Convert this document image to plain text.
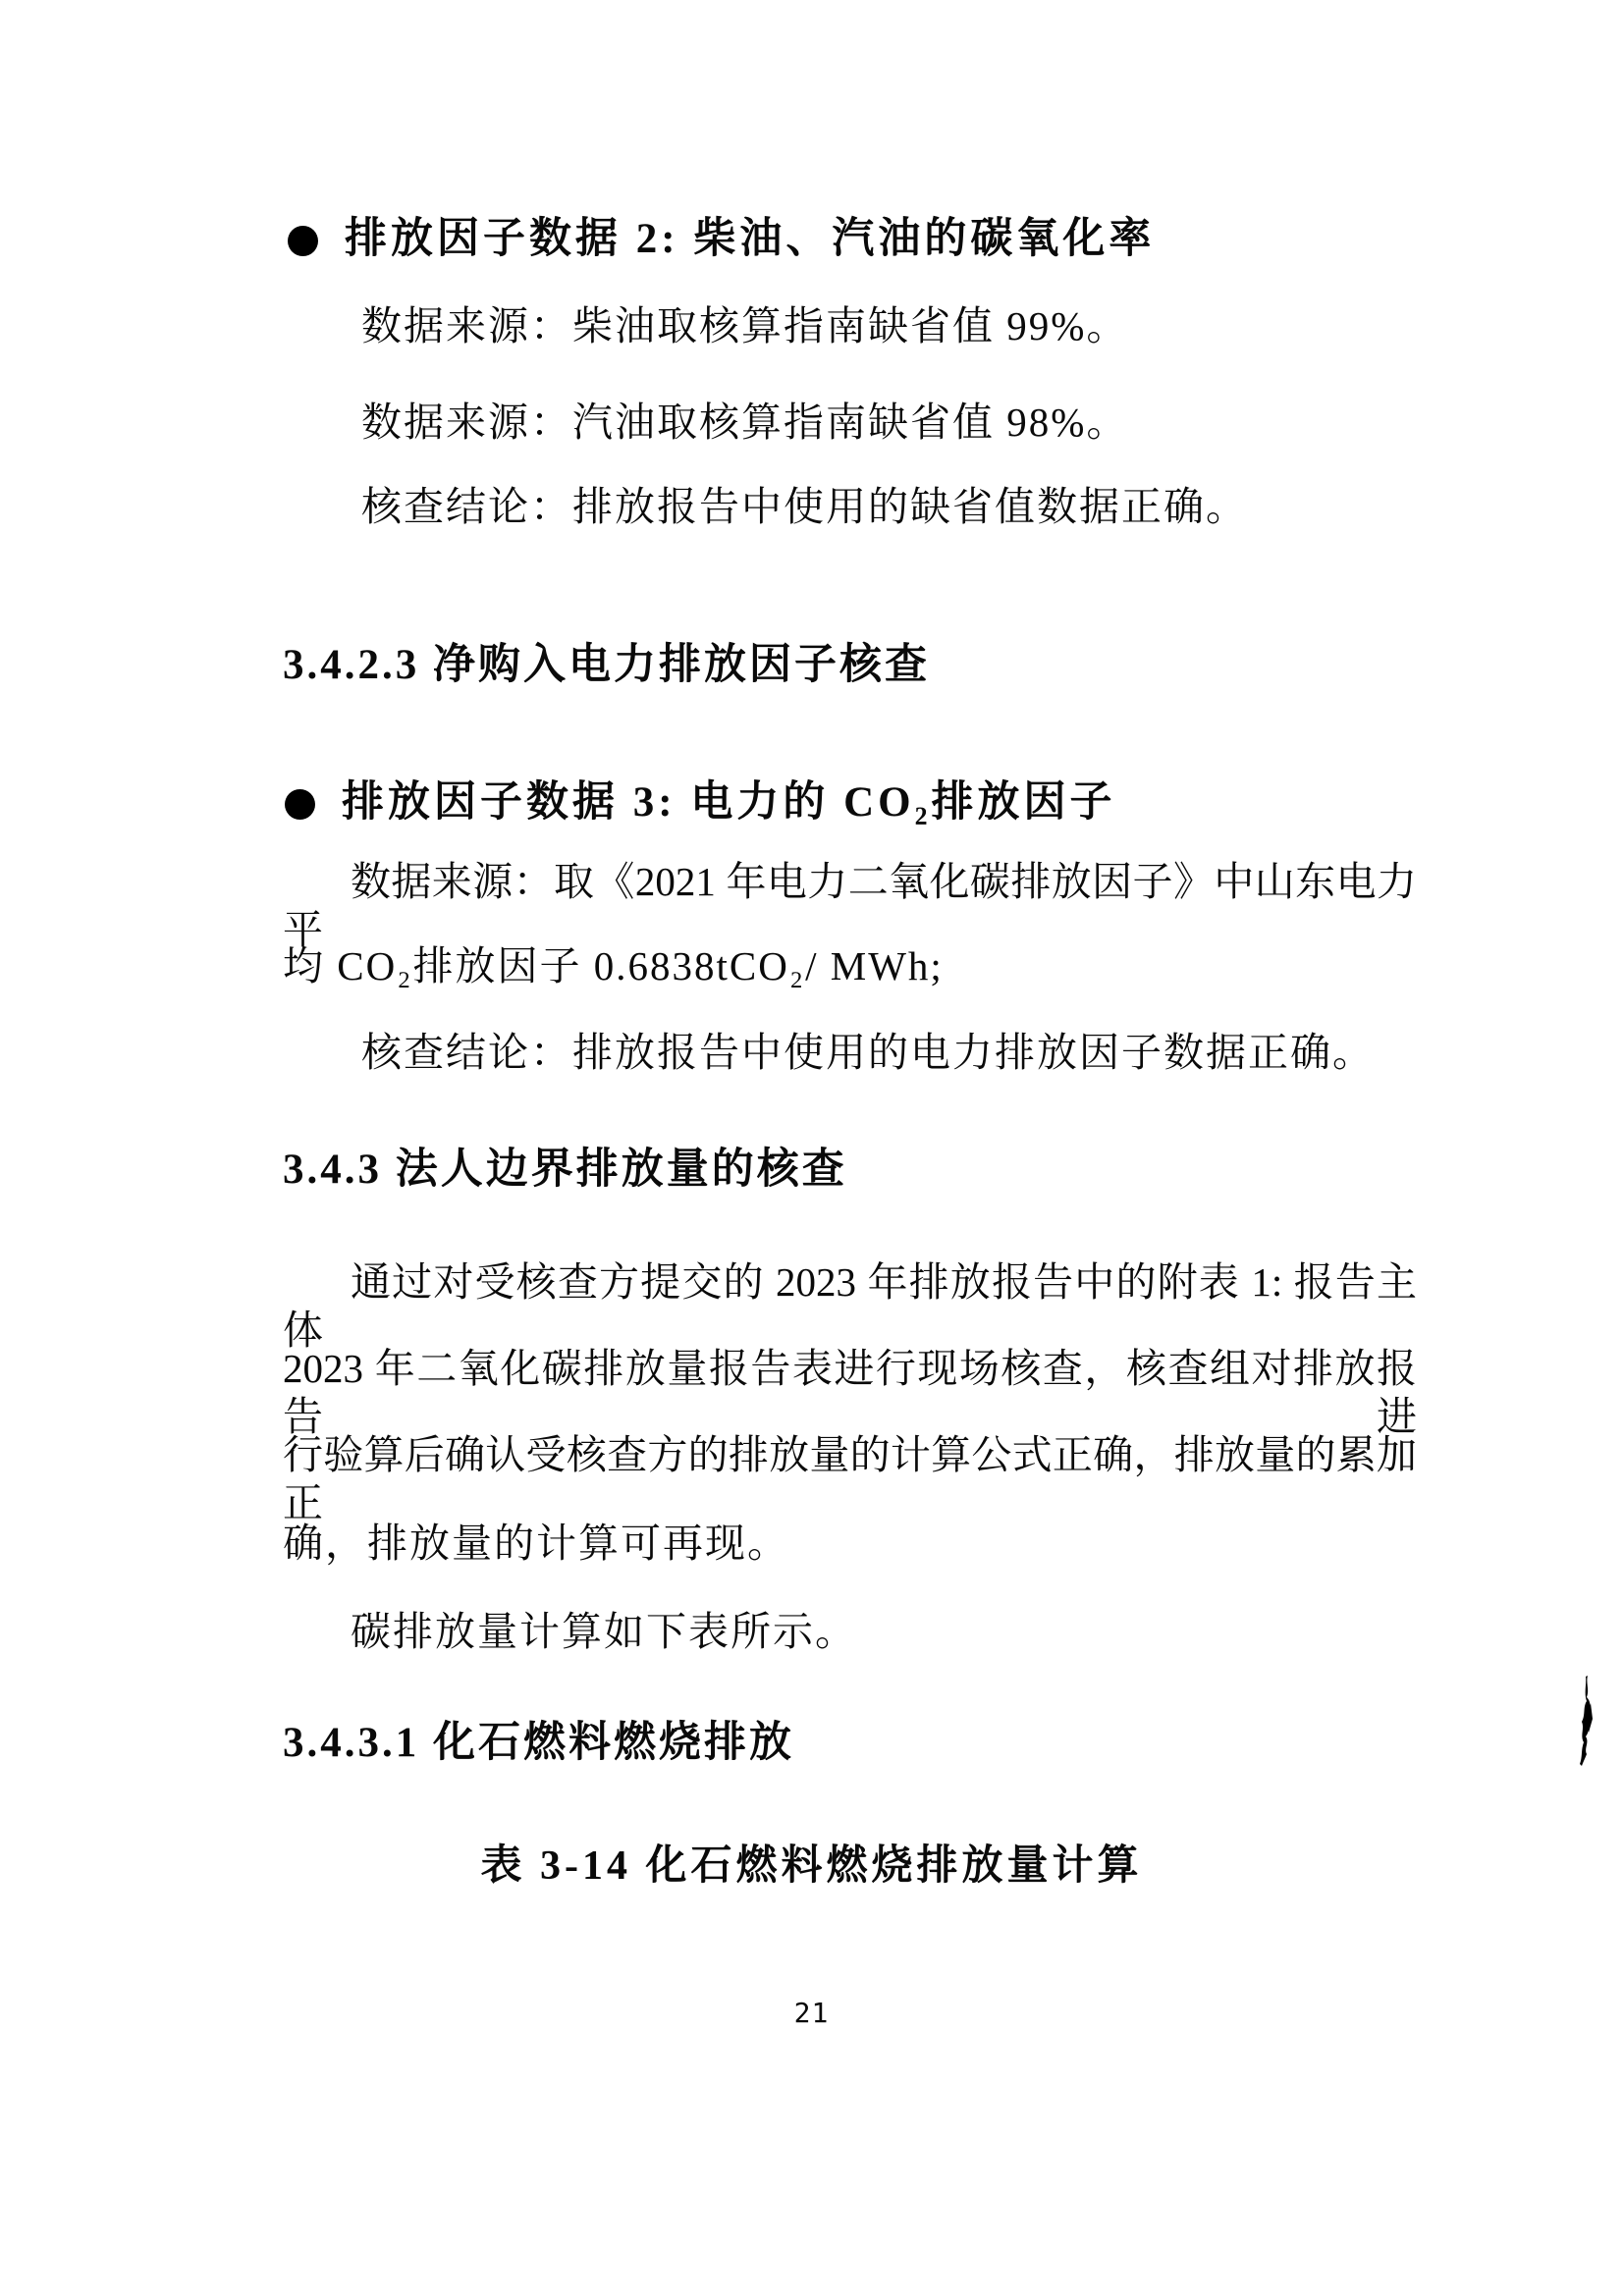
排放因子数据 2: 柴油、汽油的碳氧化率
数据来源：柴油取核算指南缺省值 99%。
数据来源：汽油取核算指南缺省值 98%。
核查结论：排放报告中使用的缺省值数据正确。
3.4.2.3 净购入电力排放因子核查
排放因子数据 3: 电力的 CO₂排放因子
数据来源：取《2021 年电力二氧化碳排放因子》中山东电力平
均 CO₂排放因子 0.6838tCO₂/ MWh;
核查结论：排放报告中使用的电力排放因子数据正确。
3.4.3 法人边界排放量的核查
通过对受核查方提交的 2023 年排放报告中的附表 1: 报告主体
2023 年二氧化碳排放量报告表进行现场核查，核查组对排放报告进
行验算后确认受核查方的排放量的计算公式正确，排放量的累加正
确，排放量的计算可再现。
碳排放量计算如下表所示。
3.4.3.1 化石燃料燃烧排放
表 3-14 化石燃料燃烧排放量计算
21
